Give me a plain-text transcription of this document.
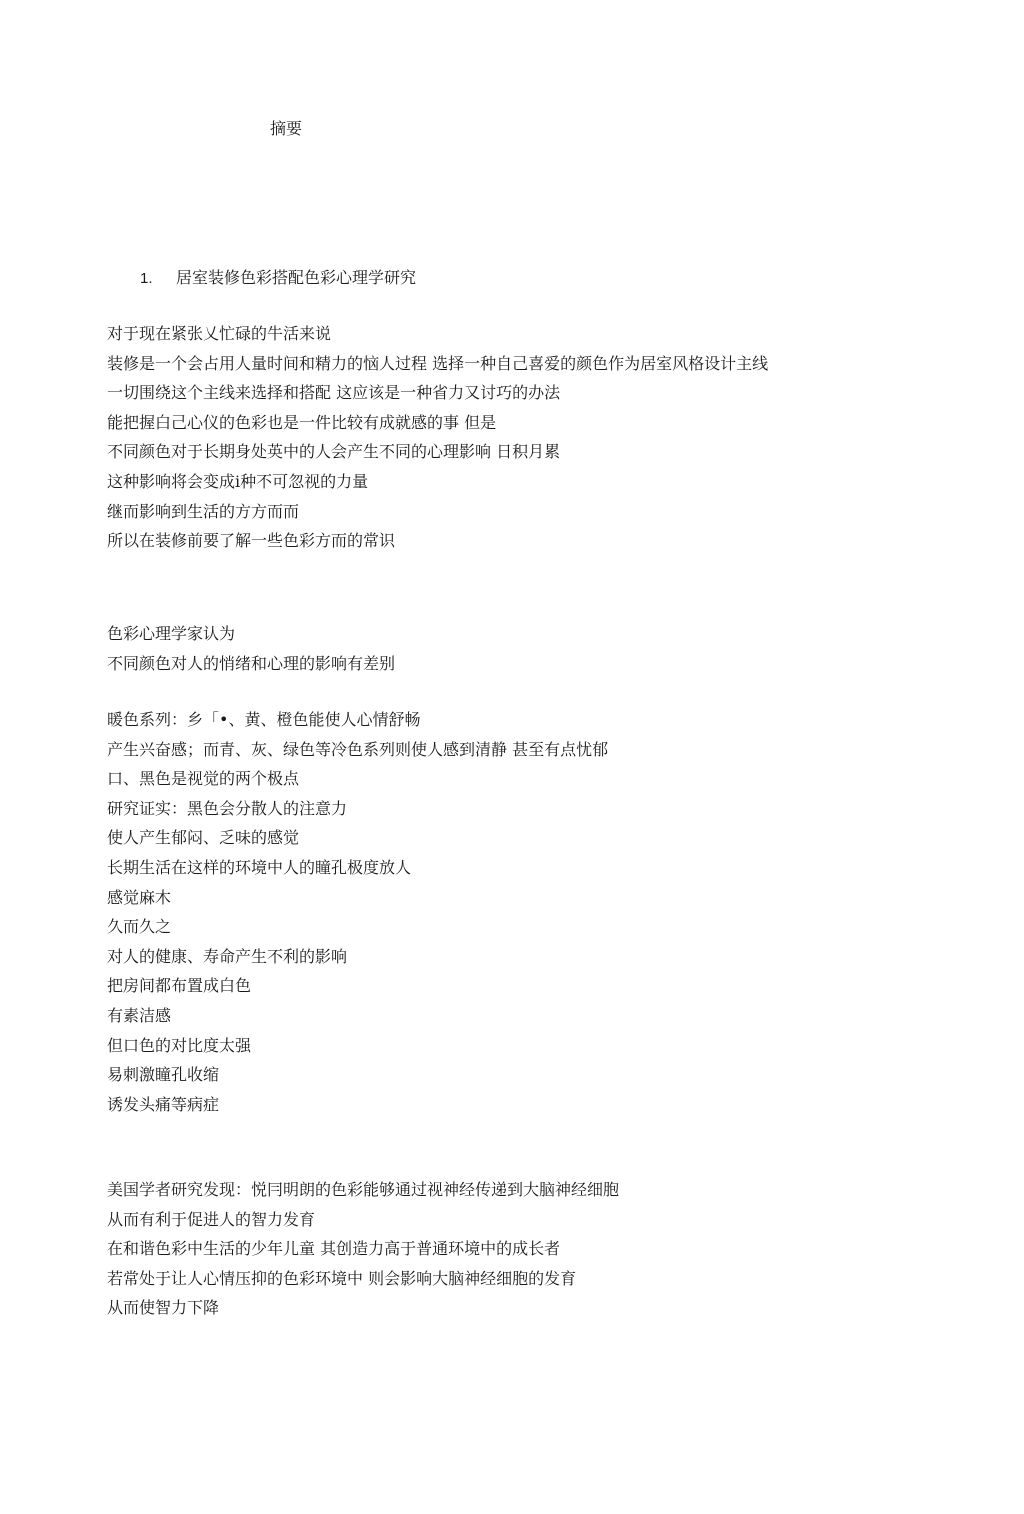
摘要
1. 居室装修色彩搭配色彩心理学研究
对于现在紧张乂忙碌的牛活来说
装修是一个会占用人量时间和精力的恼人过程 选择一种自己喜爱的颜色作为居室风格设计主线
一切围绕这个主线来选择和搭配 这应该是一种省力又讨巧的办法
能把握白己心仪的色彩也是一件比较有成就感的事 但是
不同颜色对于长期身处英中的人会产生不同的心理影响 日积月累
这种影响将会变成i种不可忽视的力量
继而影响到生活的方方而而
所以在装修前要了解一些色彩方而的常识
色彩心理学家认为
不同颜色对人的悄绪和心理的影响有差别
暖色系列：乡「•、黄、橙色能使人心情舒畅
产生兴奋感；而青、灰、绿色等冷色系列则使人感到清静 甚至有点忧郁
口、黑色是视觉的两个极点
研究证实：黑色会分散人的注意力
使人产生郁闷、乏味的感觉
长期生活在这样的环境中人的瞳孔极度放人
感觉麻木
久而久之
对人的健康、寿命产生不利的影响
把房间都布置成白色
有素洁感
但口色的对比度太强
易刺激瞳孔收缩
诱发头痛等病症
美国学者研究发现：悦冃明朗的色彩能够通过视神经传递到大脑神经细胞
从而有利于促进人的智力发育
在和谐色彩中生活的少年儿童 其创造力高于普通环境中的成长者
若常处于让人心情压抑的色彩环境中 则会影响大脑神经细胞的发育
从而使智力下降
